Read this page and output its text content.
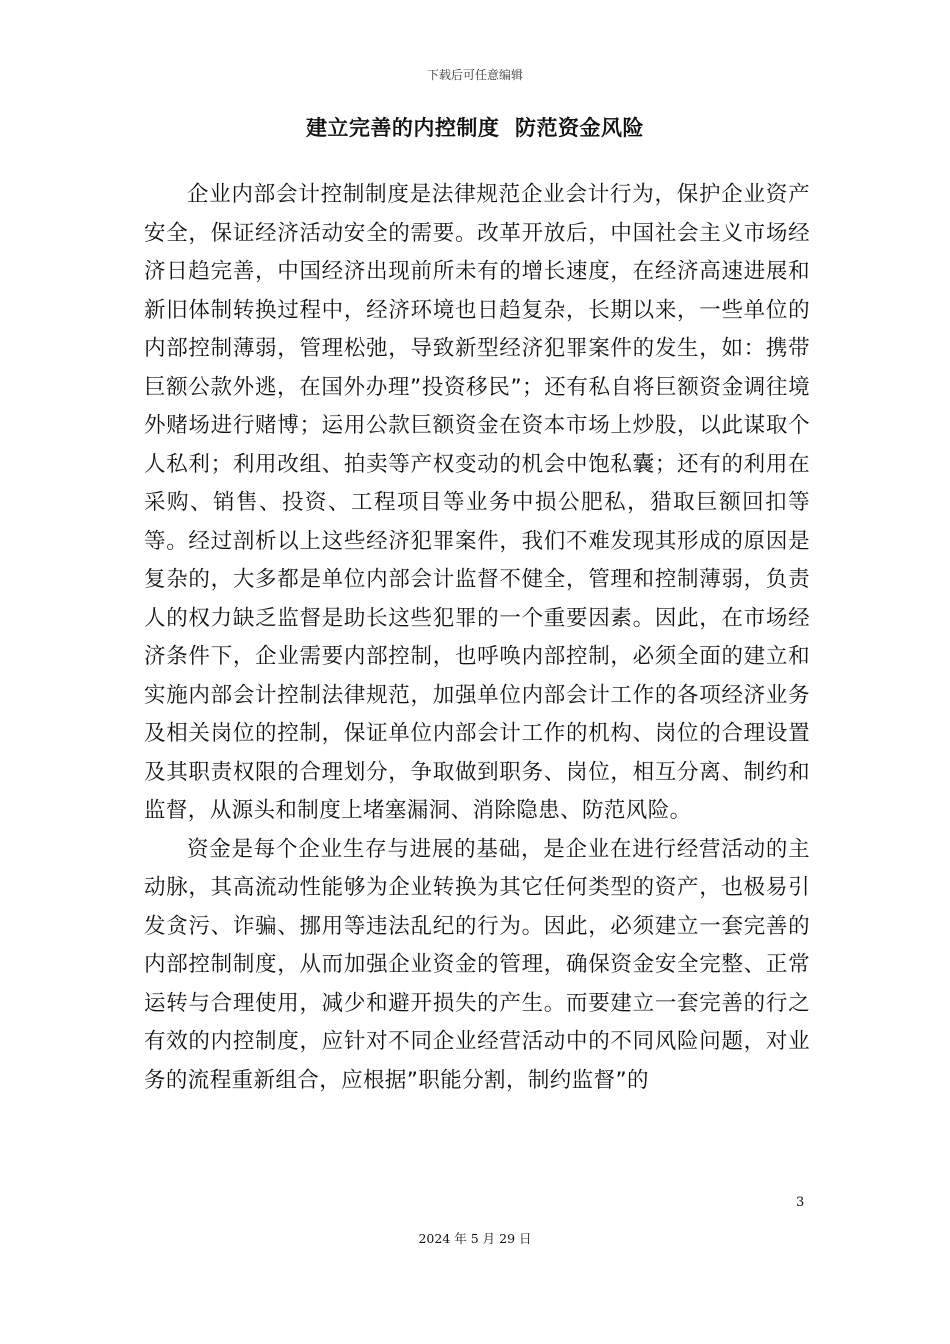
下载后可任意编辑
建立完善的内控制度  防范资金风险

企业内部会计控制制度是法律规范企业会计行为，保护企业资产安全，保证经济活动安全的需要。改革开放后，中国社会主义市场经济日趋完善，中国经济出现前所未有的增长速度，在经济高速进展和新旧体制转换过程中，经济环境也日趋复杂，长期以来，一些单位的内部控制薄弱，管理松弛，导致新型经济犯罪案件的发生，如：携带巨额公款外逃，在国外办理”投资移民”；还有私自将巨额资金调往境外赌场进行赌博；运用公款巨额资金在资本市场上炒股，以此谋取个人私利；利用改组、拍卖等产权变动的机会中饱私囊；还有的利用在采购、销售、投资、工程项目等业务中损公肥私，猎取巨额回扣等等。经过剖析以上这些经济犯罪案件，我们不难发现其形成的原因是复杂的，大多都是单位内部会计监督不健全，管理和控制薄弱，负责人的权力缺乏监督是助长这些犯罪的一个重要因素。因此，在市场经济条件下，企业需要内部控制，也呼唤内部控制，必须全面的建立和实施内部会计控制法律规范，加强单位内部会计工作的各项经济业务及相关岗位的控制，保证单位内部会计工作的机构、岗位的合理设置及其职责权限的合理划分，争取做到职务、岗位，相互分离、制约和监督，从源头和制度上堵塞漏洞、消除隐患、防范风险。

资金是每个企业生存与进展的基础，是企业在进行经营活动的主动脉，其高流动性能够为企业转换为其它任何类型的资产，也极易引发贪污、诈骗、挪用等违法乱纪的行为。因此，必须建立一套完善的内部控制制度，从而加强企业资金的管理，确保资金安全完整、正常运转与合理使用，减少和避开损失的产生。而要建立一套完善的行之有效的内控制度，应针对不同企业经营活动中的不同风险问题，对业务的流程重新组合，应根据”职能分割，制约监督”的

3
2024 年 5 月 29 日
